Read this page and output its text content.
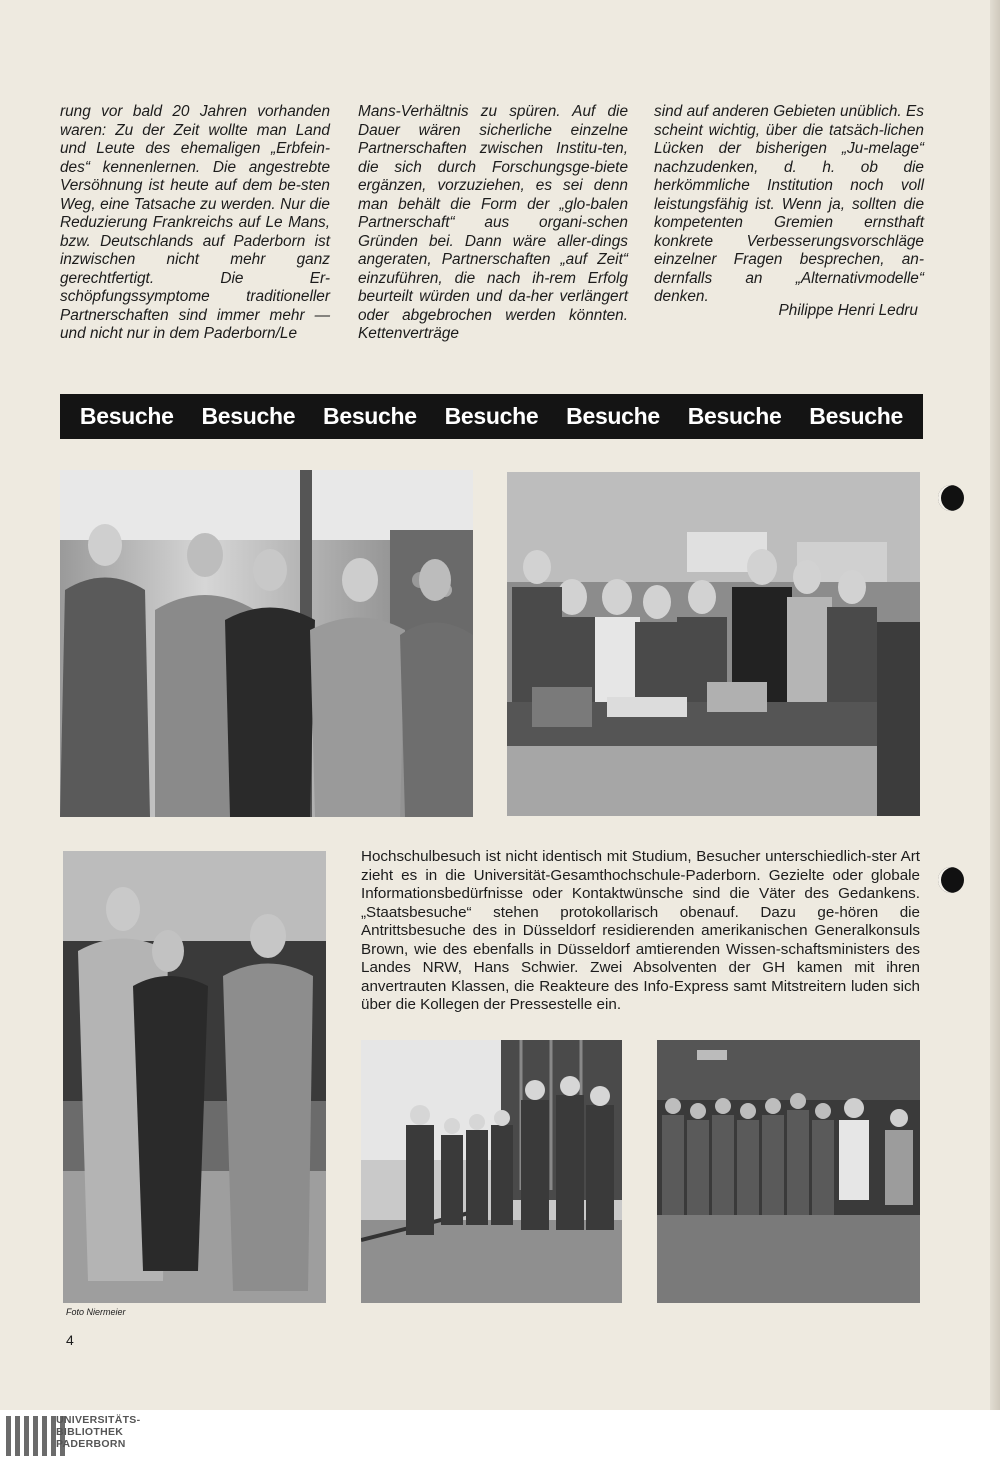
rung vor bald 20 Jahren vorhanden waren: Zu der Zeit wollte man Land und Leute des ehemaligen „Erbfein-des“ kennenlernen. Die angestrebte Versöhnung ist heute auf dem be-sten Weg, eine Tatsache zu werden. Nur die Reduzierung Frankreichs auf Le Mans, bzw. Deutschlands auf Paderborn ist inzwischen nicht mehr ganz gerechtfertigt. Die Er-schöpfungssymptome traditioneller Partnerschaften sind immer mehr — und nicht nur in dem Paderborn/Le

Mans-Verhältnis zu spüren. Auf die Dauer wären sicherliche einzelne Partnerschaften zwischen Institu-ten, die sich durch Forschungsge-biete ergänzen, vorzuziehen, es sei denn man behält die Form der „glo-balen Partnerschaft“ aus organi-schen Gründen bei. Dann wäre aller-dings angeraten, Partnerschaften „auf Zeit“ einzuführen, die nach ih-rem Erfolg beurteilt würden und da-her verlängert oder abgebrochen werden könnten. Kettenverträge

sind auf anderen Gebieten unüblich. Es scheint wichtig, über die tatsäch-lichen Lücken der bisherigen „Ju-melage“ nachzudenken, d. h. ob die herkömmliche Institution noch voll leistungsfähig ist. Wenn ja, sollten die kompetenten Gremien ernsthaft konkrete Verbesserungsvorschläge einzelner Fragen besprechen, an-dernfalls an „Alternativmodelle“ denken.

Philippe Henri Ledru

Besuche Besuche Besuche Besuche Besuche Besuche Besuche

Hochschulbesuch ist nicht identisch mit Studium, Besucher unterschiedlich-ster Art zieht es in die Universität-Gesamthochschule-Paderborn. Gezielte oder globale Informationsbedürfnisse oder Kontaktwünsche sind die Väter des Gedankens. „Staatsbesuche“ stehen protokollarisch obenauf. Dazu ge-hören die Antrittsbesuche des in Düsseldorf residierenden amerikanischen Generalkonsuls Brown, wie des ebenfalls in Düsseldorf amtierenden Wissen-schaftsministers des Landes NRW, Hans Schwier. Zwei Absolventen der GH kamen mit ihren anvertrauten Klassen, die Reakteure des Info-Express samt Mitstreitern luden sich über die Kollegen der Pressestelle ein.

Foto Niermeier

4

UNIVERSITÄTS-
BIBLIOTHEK
PADERBORN
